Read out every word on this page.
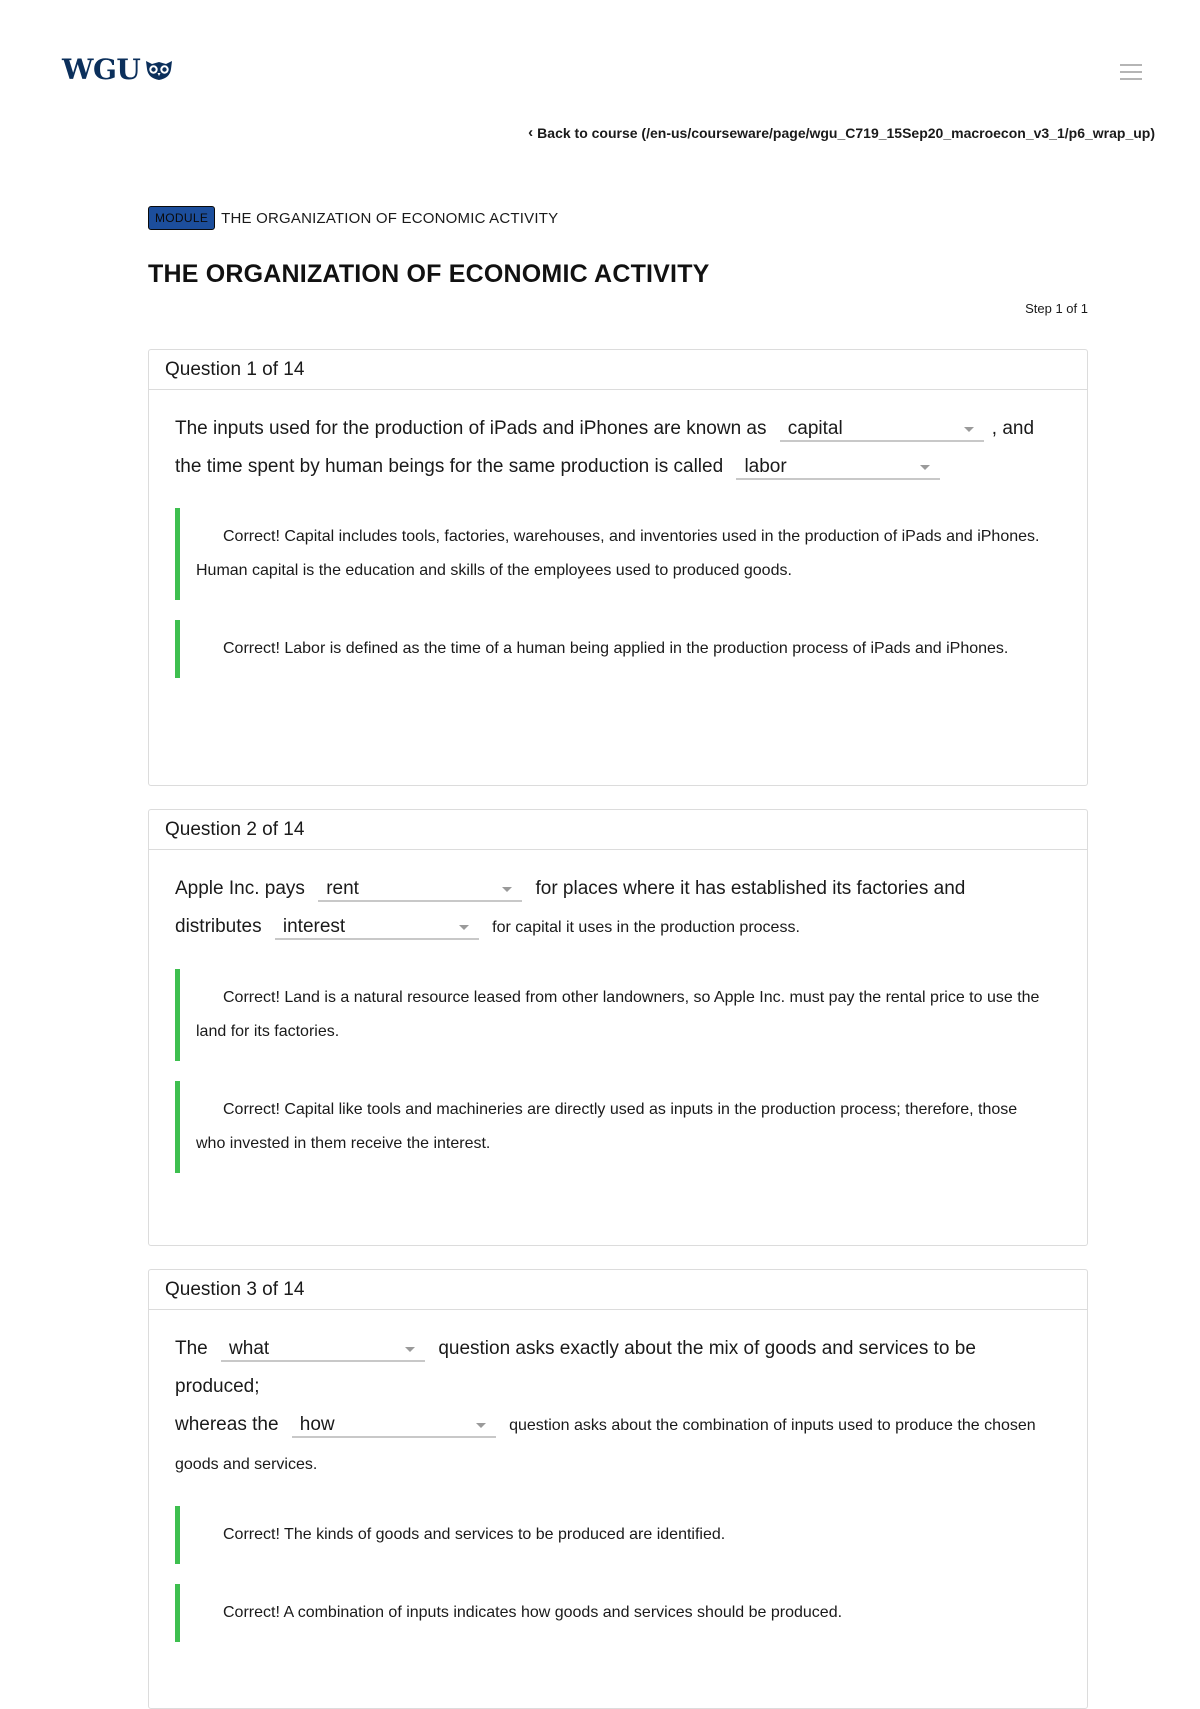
WGU
‹ Back to course (/en-us/courseware/page/wgu_C719_15Sep20_macroecon_v3_1/p6_wrap_up)
MODULE THE ORGANIZATION OF ECONOMIC ACTIVITY
THE ORGANIZATION OF ECONOMIC ACTIVITY
Step 1 of 1
Question 1 of 14
The inputs used for the production of iPads and iPhones are known as capital	, and
the time spent by human beings for the same production is called labor
Correct! Capital includes tools, factories, warehouses, and inventories used in the production of iPads and iPhones. Human capital is the education and skills of the employees used to produced goods.
Correct! Labor is defined as the time of a human being applied in the production process of iPads and iPhones.
Question 2 of 14
Apple Inc. pays rent	for places where it has established its factories and
distributes interest	for capital it uses in the production process.
Correct! Land is a natural resource leased from other landowners, so Apple Inc. must pay the rental price to use the land for its factories.
Correct! Capital like tools and machineries are directly used as inputs in the production process; therefore, those who invested in them receive the interest.
Question 3 of 14
The what	question asks exactly about the mix of goods and services to be produced;
whereas the how	question asks about the combination of inputs used to produce the chosen goods and services.
Correct! The kinds of goods and services to be produced are identified.
Correct! A combination of inputs indicates how goods and services should be produced.
